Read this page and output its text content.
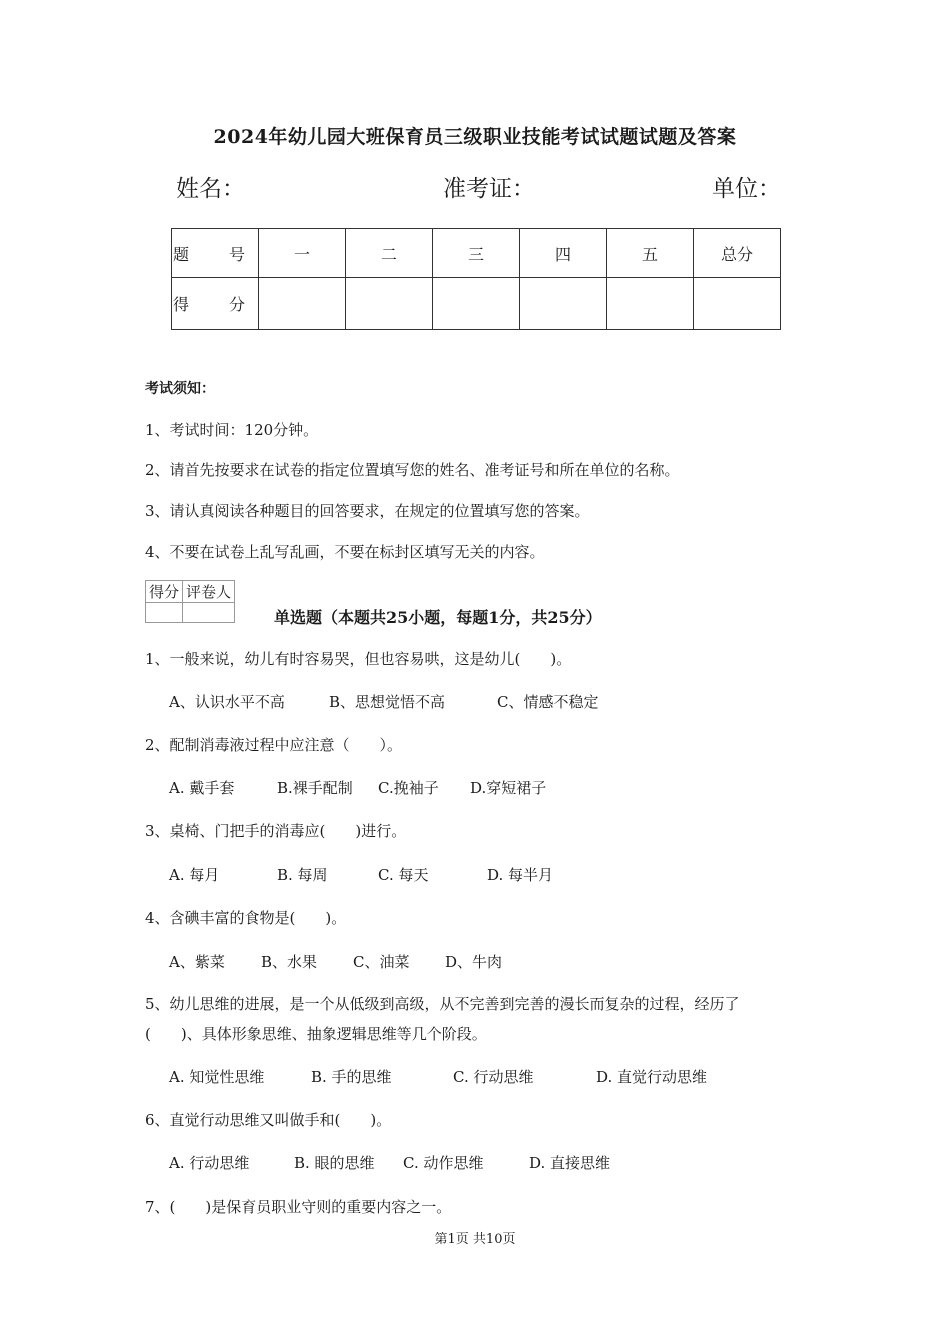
2024年幼儿园大班保育员三级职业技能考试试题试题及答案
姓名：	准考证：	单位：
题　号	一	二	三	四	五	总分
得　分						
考试须知：
1、考试时间：120分钟。
2、请首先按要求在试卷的指定位置填写您的姓名、准考证号和所在单位的名称。
3、请认真阅读各种题目的回答要求，在规定的位置填写您的答案。
4、不要在试卷上乱写乱画，不要在标封区填写无关的内容。
得分	评卷人

单选题（本题共25小题，每题1分，共25分）
1、一般来说，幼儿有时容易哭，但也容易哄，这是幼儿(　　)。
A、认识水平不高	B、思想觉悟不高	C、情感不稳定
2、配制消毒液过程中应注意（　　）。
A. 戴手套	B.裸手配制 C.挽袖子 D.穿短裙子
3、桌椅、门把手的消毒应(　　)进行。
A. 每月	B. 每周	C. 每天	D. 每半月
4、含碘丰富的食物是(　　)。
A、紫菜 B、水果 C、油菜 D、牛肉
5、幼儿思维的进展，是一个从低级到高级，从不完善到完善的漫长而复杂的过程，经历了
(　　)、具体形象思维、抽象逻辑思维等几个阶段。
A. 知觉性思维	B. 手的思维	C. 行动思维	D. 直觉行动思维
6、直觉行动思维又叫做手和(　　)。
A. 行动思维	B. 眼的思维 C. 动作思维	D. 直接思维
7、(　　)是保育员职业守则的重要内容之一。
第1页 共10页
